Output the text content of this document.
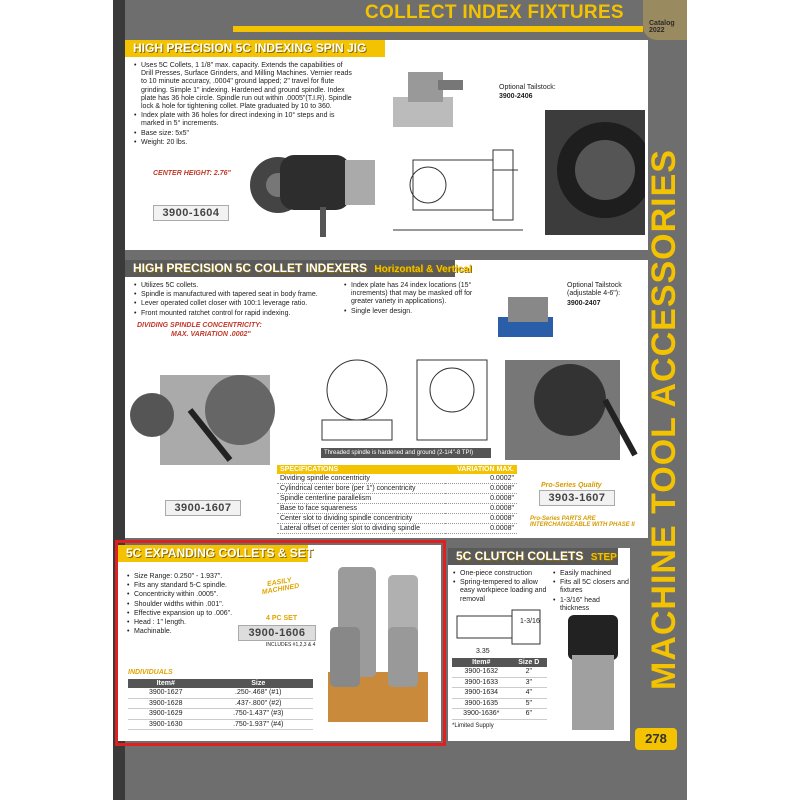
Catalog 2022
COLLECT INDEX FIXTURES
HIGH PRECISION 5C INDEXING SPIN JIG
• Uses 5C Collets, 1 1/8" max. capacity. Extends the capabilities of Drill Presses, Surface Grinders, and Milling Machines. Vernier reads to 10 minute accuracy, .0004" ground lapped; 2" travel for flute grinding. Simple 1" indexing. Hardened and ground spindle. Index plate has 36 hole circle. Spindle run out within .0005"(T.I.R). Spindle lock & hole for tightening collet. Plate graduated by 10 to 360.
• Index plate with 36 holes for direct indexing in 10° steps and is marked in 5° increments.
• Base size: 5x5"
• Weight: 20 lbs.
CENTER HEIGHT: 2.76"
3900-1604
Optional Tailstock:
3900-2406
HIGH PRECISION 5C COLLET INDEXERS Horizontal & Vertical
• Utilizes 5C collets.
• Spindle is manufactured with tapered seat in body frame.
• Lever operated collet closer with 100:1 leverage ratio.
• Front mounted ratchet control for rapid indexing.
• Index plate has 24 index locations (15° increments) that may be masked off for greater variety in applications).
• Single lever design.
DIVIDING SPINDLE CONCENTRICITY:
MAX. VARIATION .0002"
Threaded spindle is hardened and ground (2-1/4"-8 TPI)
Optional Tailstock (adjustable 4-6"):
3900-2407
SPECIFICATIONS	VARIATION MAX.
Dividing spindle concentricity	0.0002"
Cylindrical center bore (per 1") concentricity	0.0008"
Spindle centerline parallelism	0.0008"
Base to face squareness	0.0008"
Center slot to dividing spindle concentricity	0.0008"
Lateral offset of center slot to dividing spindle	0.0008"
3900-1607
Pro-Series Quality
3903-1607
Pro-Series PARTS ARE INTERCHANGEABLE WITH PHASE II
5C EXPANDING COLLETS & SET
• Size Range: 0.250" - 1.937".
• Fits any standard 5-C spindle.
• Concentricity within .0005".
• Shoulder widths within .001".
• Effective expansion up to .006".
• Head : 1" length.
• Machinable.
EASILY MACHINED
4 PC SET
3900-1606
INCLUDES #1,2,3 & 4
INDIVIDUALS
Item#	Size
3900-1627	.250-.468" (#1)
3900-1628	.437-.800" (#2)
3900-1629	.750-1.437" (#3)
3900-1630	.750-1.937" (#4)
5C CLUTCH COLLETS STEP
• One-piece construction
• Spring-tempered to allow easy workpiece loading and removal
• Easily machined
• Fits all 5C closers and fixtures
• 1-3/16" head thickness
3.35
1-3/16
Item#	Size D
3900-1632	2"
3900-1633	3"
3900-1634	4"
3900-1635	5"
3900-1636*	6"
*Limited Supply
MACHINE TOOL ACCESSORIES
278
